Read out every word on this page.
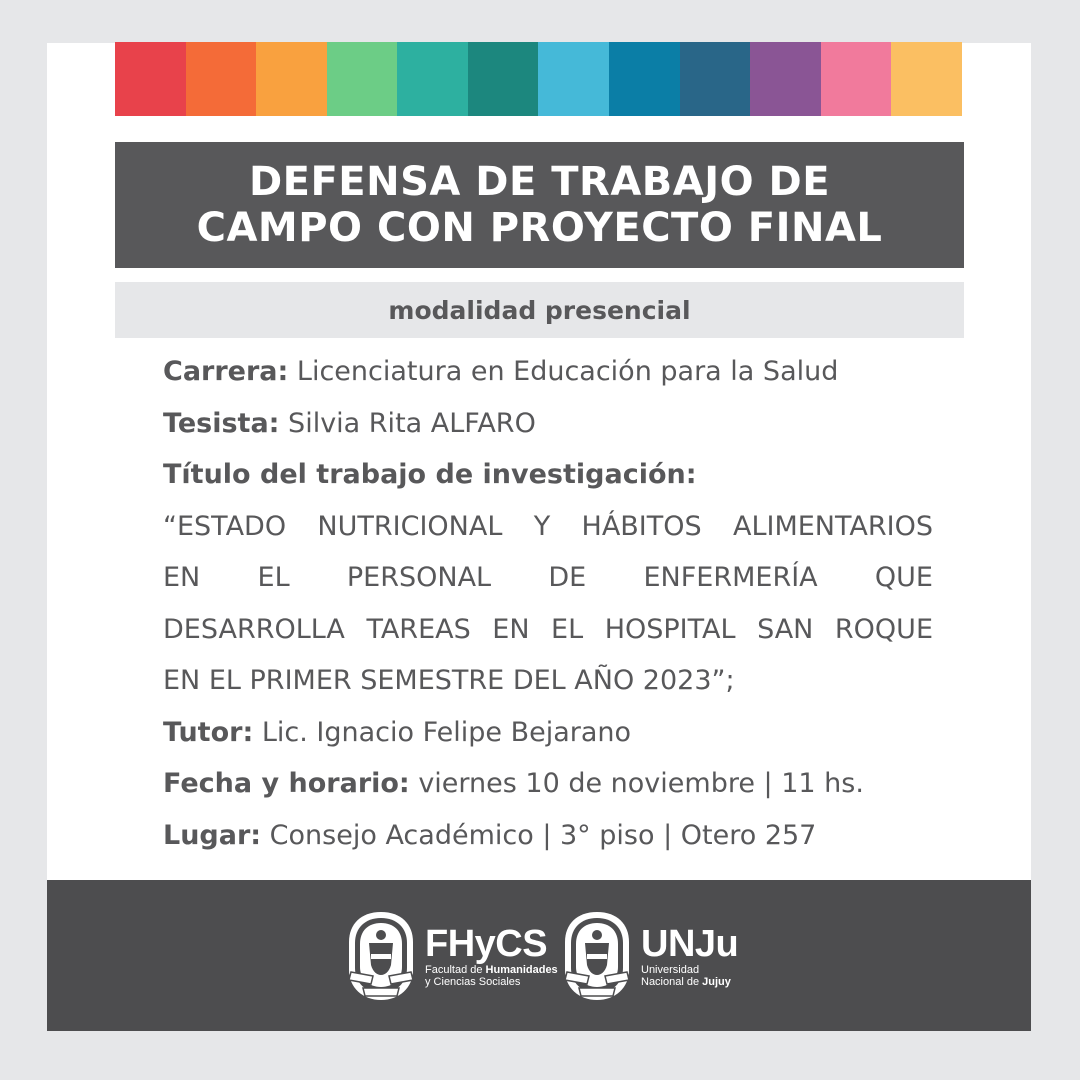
DEFENSA DE TRABAJO DE
CAMPO CON PROYECTO FINAL
modalidad presencial
Carrera: Licenciatura en Educación para la Salud
Tesista: Silvia Rita ALFARO
Título del trabajo de investigación:
“ESTADO NUTRICIONAL Y HÁBITOS ALIMENTARIOS
EN EL PERSONAL DE ENFERMERÍA QUE
DESARROLLA TAREAS EN EL HOSPITAL SAN ROQUE
EN EL PRIMER SEMESTRE DEL AÑO 2023”;
Tutor: Lic. Ignacio Felipe Bejarano
Fecha y horario: viernes 10 de noviembre | 11 hs.
Lugar: Consejo Académico | 3° piso | Otero 257
FHyCS
Facultad de Humanidades
y Ciencias Sociales
UNJu
Universidad
Nacional de Jujuy
